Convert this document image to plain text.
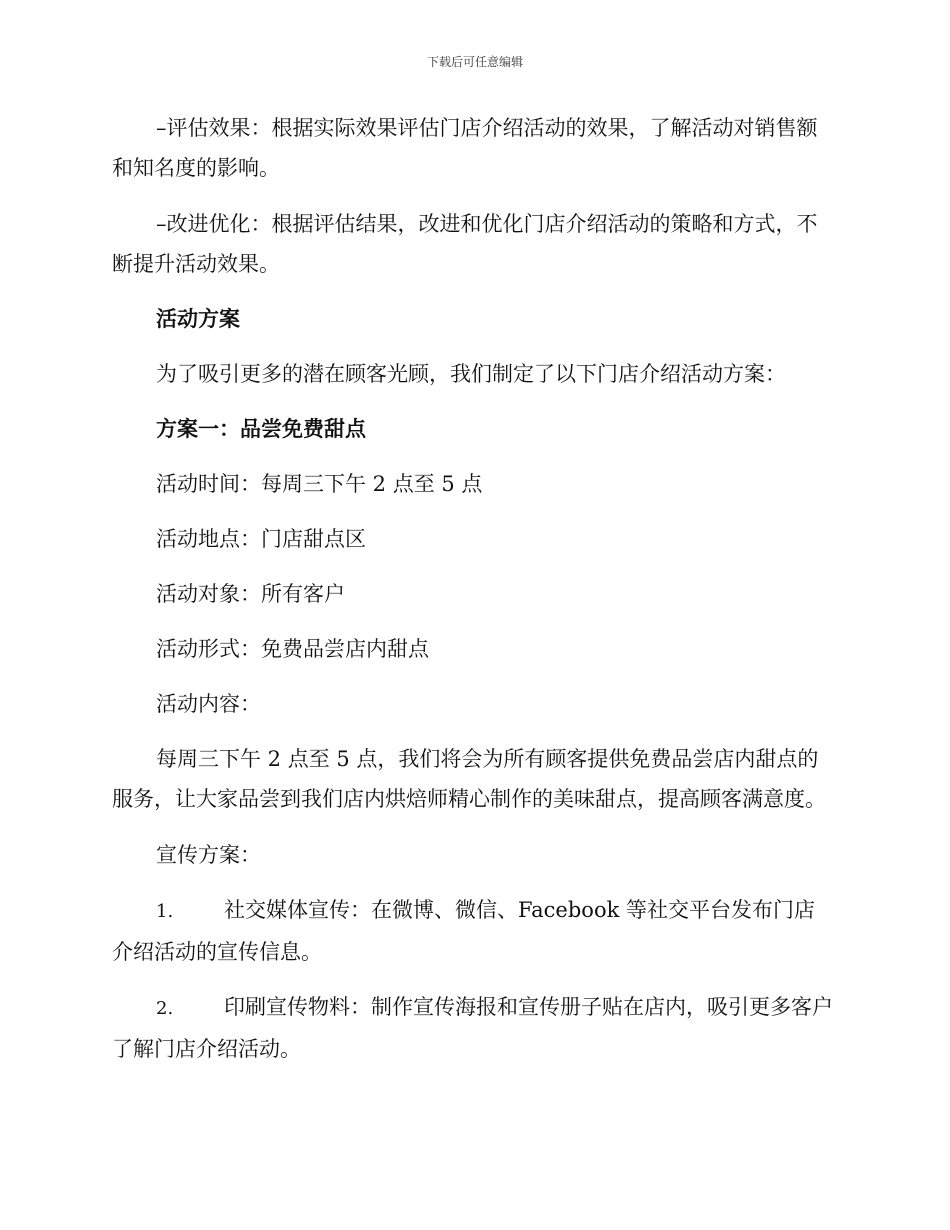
下载后可任意编辑

–评估效果：根据实际效果评估门店介绍活动的效果，了解活动对销售额和知名度的影响。

–改进优化：根据评估结果，改进和优化门店介绍活动的策略和方式，不断提升活动效果。

活动方案

为了吸引更多的潜在顾客光顾，我们制定了以下门店介绍活动方案：

方案一：品尝免费甜点

活动时间：每周三下午 2 点至 5 点

活动地点：门店甜点区

活动对象：所有客户

活动形式：免费品尝店内甜点

活动内容：

每周三下午 2 点至 5 点，我们将会为所有顾客提供免费品尝店内甜点的服务，让大家品尝到我们店内烘焙师精心制作的美味甜点，提高顾客满意度。

宣传方案：

1. 社交媒体宣传：在微博、微信、Facebook 等社交平台发布门店介绍活动的宣传信息。

2. 印刷宣传物料：制作宣传海报和宣传册子贴在店内，吸引更多客户了解门店介绍活动。
